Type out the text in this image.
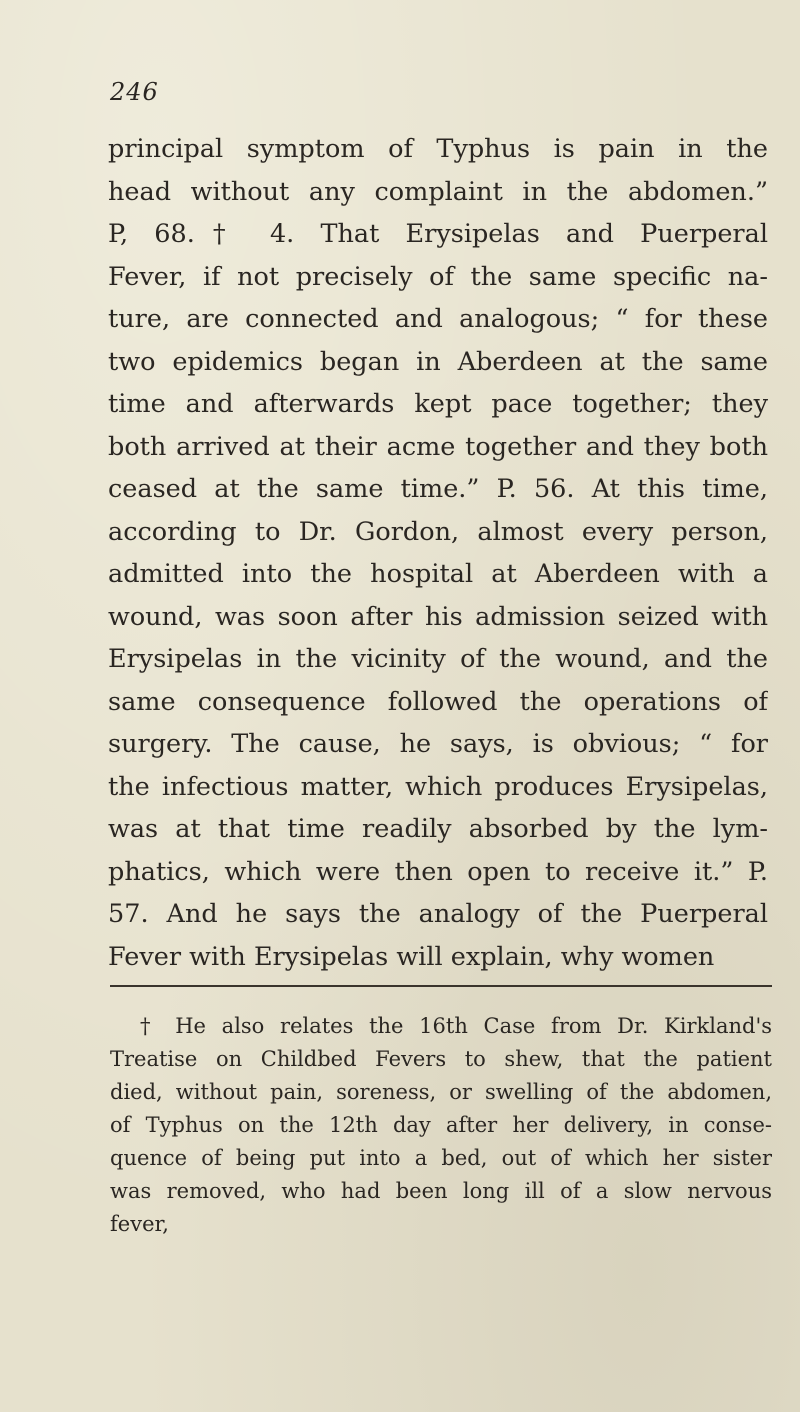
246
principal symptom of Typhus is pain in the
head without any complaint in the abdomen.”
P, 68.† 4. That Erysipelas and Puerperal
Fever, if not precisely of the same specific na-
ture, are connected and analogous; “ for these
two epidemics began in Aberdeen at the same
time and afterwards kept pace together; they
both arrived at their acme together and they both
ceased at the same time.” P. 56. At this time,
according to Dr. Gordon, almost every person,
admitted into the hospital at Aberdeen with a
wound, was soon after his admission seized with
Erysipelas in the vicinity of the wound, and the
same consequence followed the operations of
surgery. The cause, he says, is obvious; “ for
the infectious matter, which produces Erysipelas,
was at that time readily absorbed by the lym-
phatics, which were then open to receive it.” P.
57. And he says the analogy of the Puerperal
Fever with Erysipelas will explain, why women
† He also relates the 16th Case from Dr. Kirkland's
Treatise on Childbed Fevers to shew, that the patient
died, without pain, soreness, or swelling of the abdomen,
of Typhus on the 12th day after her delivery, in conse-
quence of being put into a bed, out of which her sister
was removed, who had been long ill of a slow nervous
fever,
